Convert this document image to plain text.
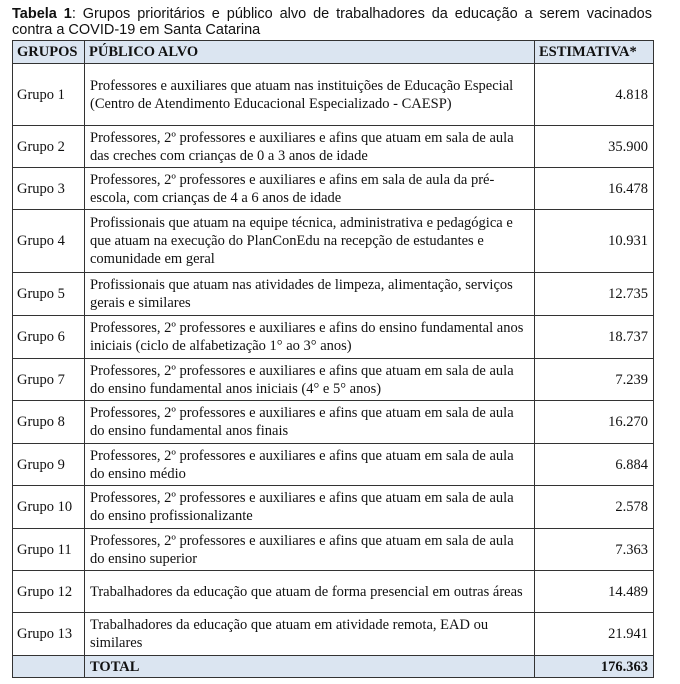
Tabela 1: Grupos prioritários e público alvo de trabalhadores da educação a serem vacinados contra a COVID-19 em Santa Catarina
GRUPOS	PÚBLICO ALVO	ESTIMATIVA*
Grupo 1	Professores e auxiliares que atuam nas instituições de Educação Especial (Centro de Atendimento Educacional Especializado - CAESP)	4.818
Grupo 2	Professores, 2º professores e auxiliares e afins que atuam em sala de aula das creches com crianças de 0 a 3 anos de idade	35.900
Grupo 3	Professores, 2º professores e auxiliares e afins em sala de aula da pré-escola, com crianças de 4 a 6 anos de idade	16.478
Grupo 4	Profissionais que atuam na equipe técnica, administrativa e pedagógica e que atuam na execução do PlanConEdu na recepção de estudantes e comunidade em geral	10.931
Grupo 5	Profissionais que atuam nas atividades de limpeza, alimentação, serviços gerais e similares	12.735
Grupo 6	Professores, 2º professores e auxiliares e afins do ensino fundamental anos iniciais (ciclo de alfabetização 1° ao 3° anos)	18.737
Grupo 7	Professores, 2º professores e auxiliares e afins que atuam em sala de aula do ensino fundamental anos iniciais (4° e 5° anos)	7.239
Grupo 8	Professores, 2º professores e auxiliares e afins que atuam em sala de aula do ensino fundamental anos finais	16.270
Grupo 9	Professores, 2º professores e auxiliares e afins que atuam em sala de aula do ensino médio	6.884
Grupo 10	Professores, 2º professores e auxiliares e afins que atuam em sala de aula do ensino profissionalizante	2.578
Grupo 11	Professores, 2º professores e auxiliares e afins que atuam em sala de aula do ensino superior	7.363
Grupo 12	Trabalhadores da educação que atuam de forma presencial em outras áreas	14.489
Grupo 13	Trabalhadores da educação que atuam em atividade remota, EAD ou similares	21.941
	TOTAL	176.363
